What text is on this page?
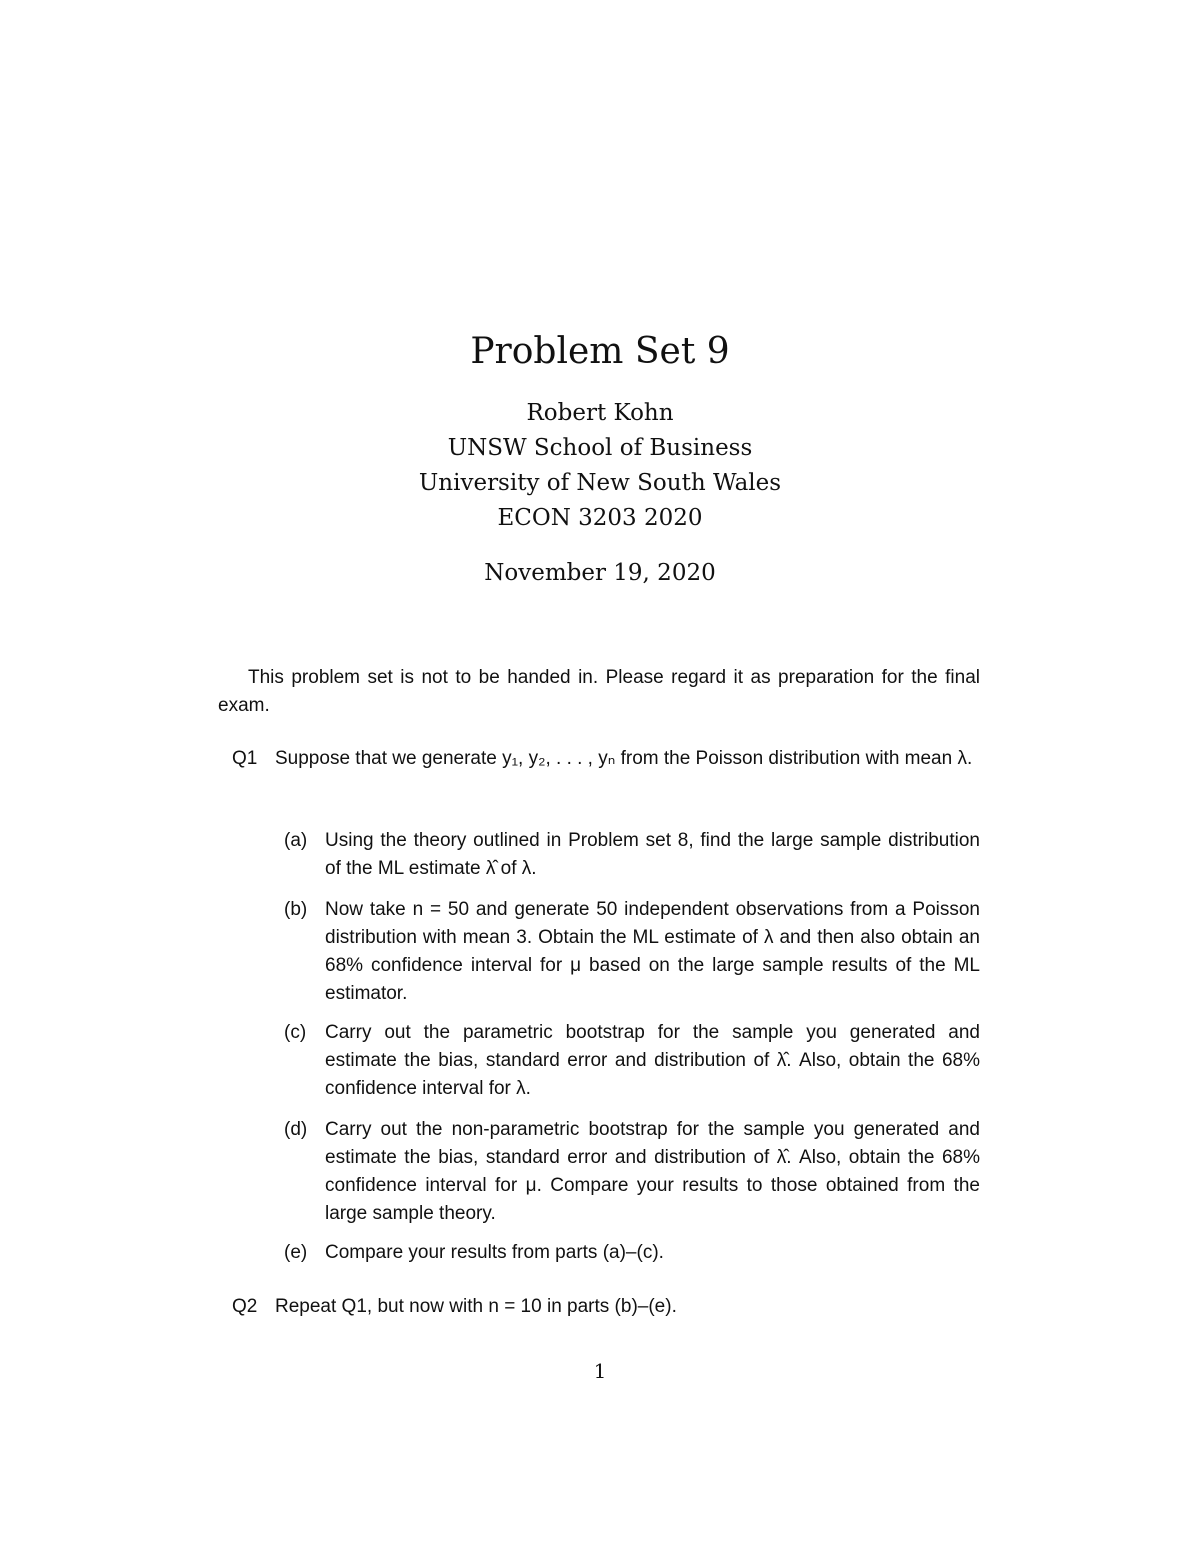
Problem Set 9
Robert Kohn
UNSW School of Business
University of New South Wales
ECON 3203 2020
November 19, 2020
This problem set is not to be handed in. Please regard it as preparation for the final exam.
Q1 Suppose that we generate y₁, y₂, . . . , yₙ from the Poisson distribution with mean λ.
(a) Using the theory outlined in Problem set 8, find the large sample distribution of the ML estimate λ̂ of λ.
(b) Now take n = 50 and generate 50 independent observations from a Poisson distribution with mean 3. Obtain the ML estimate of λ and then also obtain an 68% confidence interval for μ based on the large sample results of the ML estimator.
(c) Carry out the parametric bootstrap for the sample you generated and estimate the bias, standard error and distribution of λ̂. Also, obtain the 68% confidence interval for λ.
(d) Carry out the non-parametric bootstrap for the sample you generated and estimate the bias, standard error and distribution of λ̂. Also, obtain the 68% confidence interval for μ. Compare your results to those obtained from the large sample theory.
(e) Compare your results from parts (a)–(c).
Q2 Repeat Q1, but now with n = 10 in parts (b)–(e).
1
